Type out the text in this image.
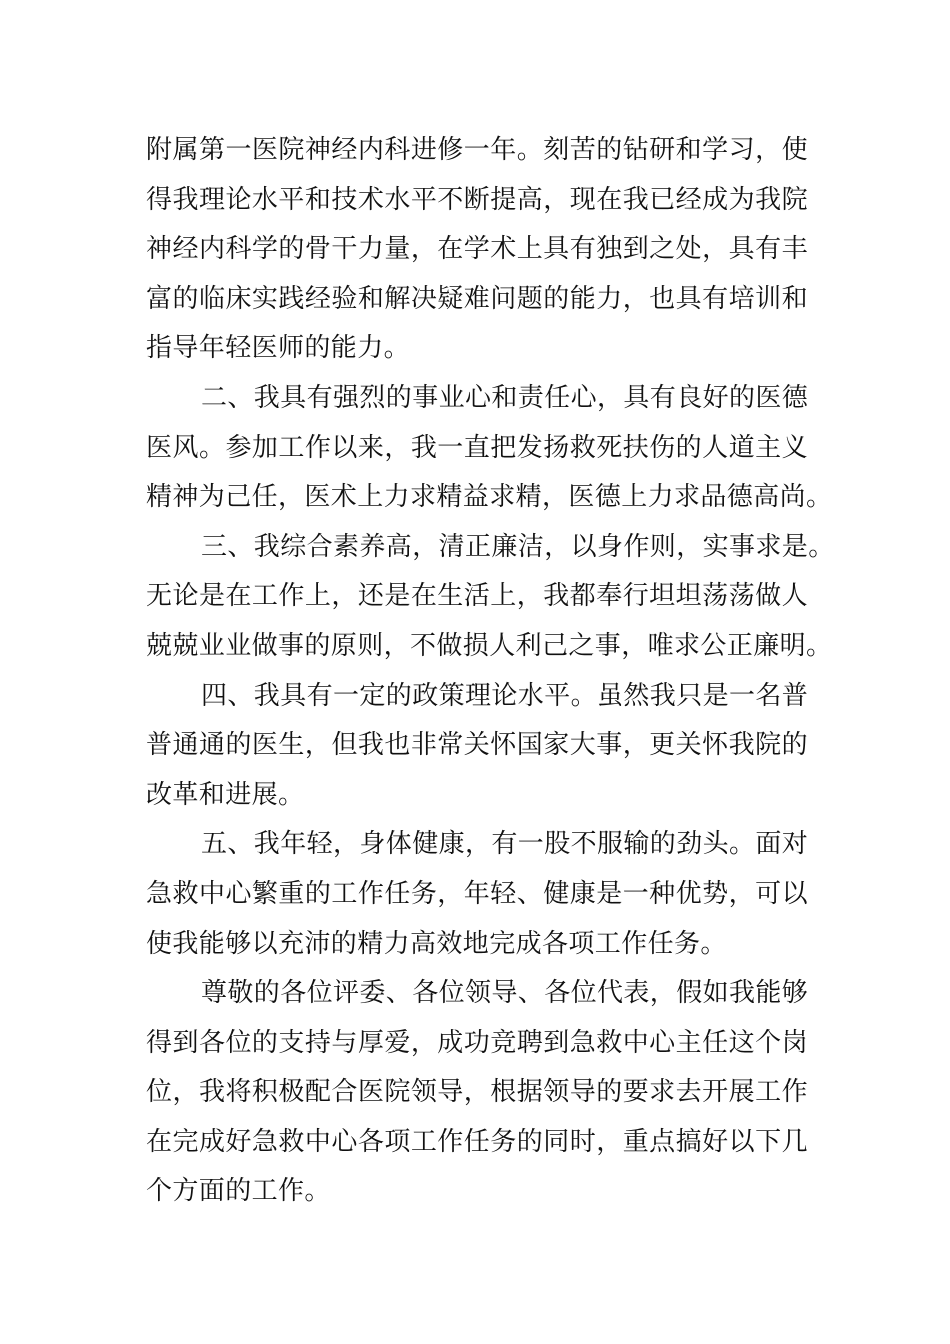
附属第一医院神经内科进修一年。刻苦的钻研和学习，使
得我理论水平和技术水平不断提高，现在我已经成为我院
神经内科学的骨干力量，在学术上具有独到之处，具有丰
富的临床实践经验和解决疑难问题的能力，也具有培训和
指导年轻医师的能力。
二、我具有强烈的事业心和责任心，具有良好的医德
医风。参加工作以来，我一直把发扬救死扶伤的人道主义
精神为己任，医术上力求精益求精，医德上力求品德高尚。
三、我综合素养高，清正廉洁，以身作则，实事求是。
无论是在工作上，还是在生活上，我都奉行坦坦荡荡做人
兢兢业业做事的原则，不做损人利己之事，唯求公正廉明。
四、我具有一定的政策理论水平。虽然我只是一名普
普通通的医生，但我也非常关怀国家大事，更关怀我院的
改革和进展。
五、我年轻，身体健康，有一股不服输的劲头。面对
急救中心繁重的工作任务，年轻、健康是一种优势，可以
使我能够以充沛的精力高效地完成各项工作任务。
尊敬的各位评委、各位领导、各位代表，假如我能够
得到各位的支持与厚爱，成功竞聘到急救中心主任这个岗
位，我将积极配合医院领导，根据领导的要求去开展工作
在完成好急救中心各项工作任务的同时，重点搞好以下几
个方面的工作。
